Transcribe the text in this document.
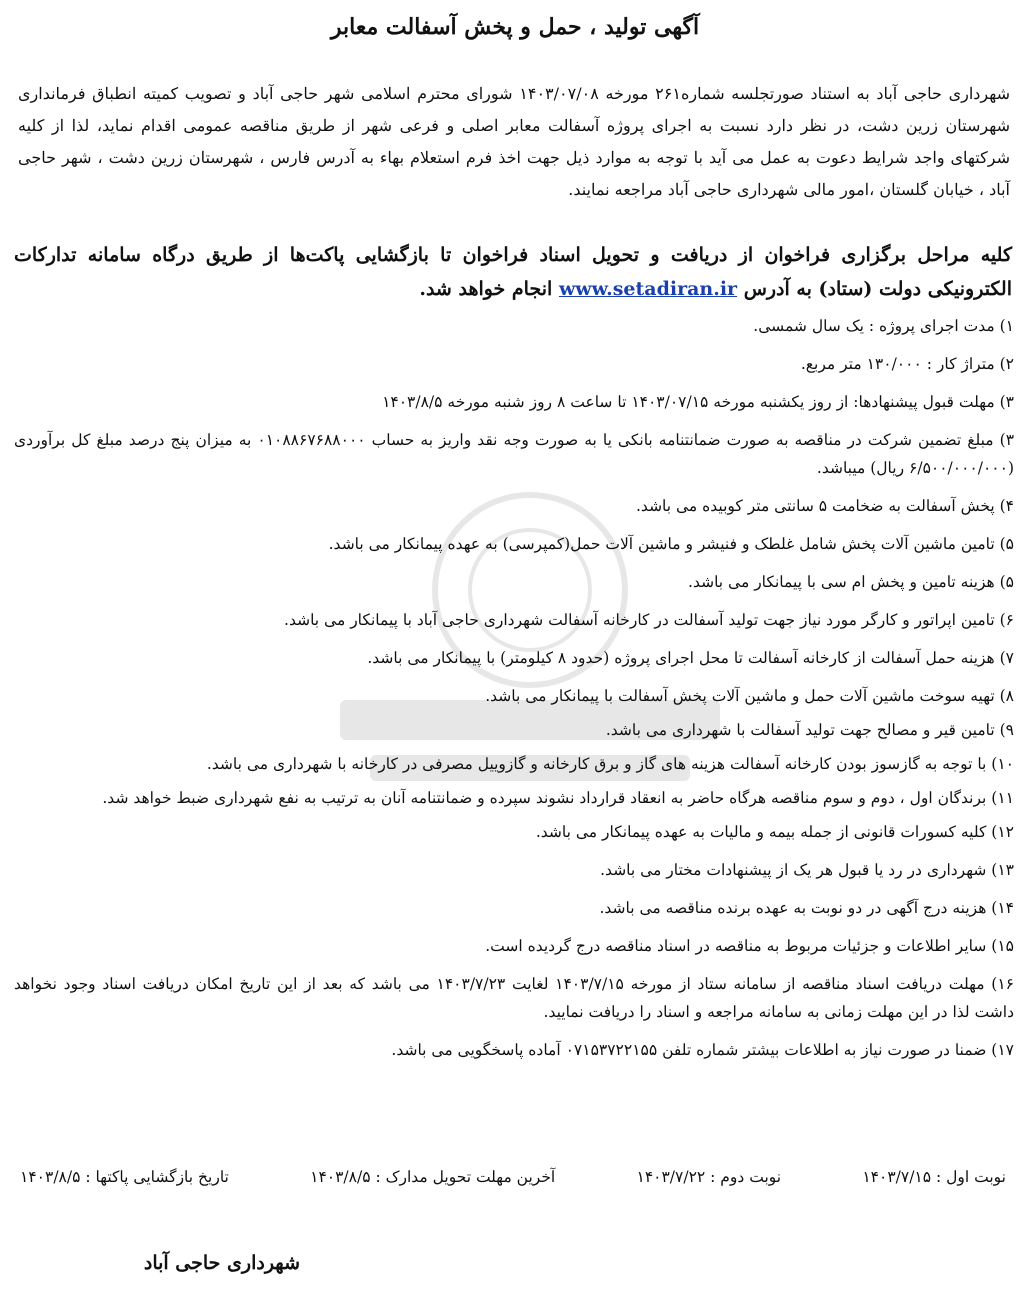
آگهی تولید ، حمل و پخش آسفالت معابر

شهرداری حاجی آباد به استناد صورتجلسه شماره۲۶۱ مورخه ۱۴۰۳/۰۷/۰۸ شورای محترم اسلامی شهر حاجی آباد و تصویب کمیته انطباق فرمانداری شهرستان زرین دشت، در نظر دارد نسبت به اجرای پروژه آسفالت معابر اصلی و فرعی شهر از طریق مناقصه عمومی اقدام نماید، لذا از کلیه شرکتهای واجد شرایط دعوت به عمل می آید با توجه به موارد ذیل جهت اخذ فرم استعلام بهاء به آدرس فارس ، شهرستان زرین دشت ، شهر حاجی آباد ، خیابان گلستان ،امور مالی شهرداری حاجی آباد مراجعه نمایند.

کلیه مراحل برگزاری فراخوان از دریافت و تحویل اسناد فراخوان تا بازگشایی پاکت‌ها از طریق درگاه سامانه تدارکات الکترونیکی دولت (ستاد) به آدرس www.setadiran.ir انجام خواهد شد.

۱) مدت اجرای پروژه : یک سال شمسی.
۲) متراژ کار : ۱۳۰/۰۰۰ متر مربع.
۳) مهلت قبول پیشنهادها: از روز یکشنبه مورخه ۱۴۰۳/۰۷/۱۵ تا ساعت ۸ روز شنبه مورخه ۱۴۰۳/۸/۵
۳) مبلغ تضمین شرکت در مناقصه به صورت ضمانتنامه بانکی یا به صورت وجه نقد واریز به حساب ۰۱۰۸۸۶۷۶۸۸۰۰۰ به میزان پنج درصد مبلغ کل برآوردی (۶/۵۰۰/۰۰۰/۰۰۰ ریال) میباشد.
۴) پخش آسفالت به ضخامت ۵ سانتی متر کوبیده می باشد.
۵) تامین ماشین آلات پخش شامل غلطک و فنیشر و ماشین آلات حمل(کمپرسی) به عهده پیمانکار می باشد.
۵) هزینه تامین و پخش ام سی با پیمانکار می باشد.
۶) تامین اپراتور و کارگر مورد نیاز جهت تولید آسفالت در کارخانه آسفالت شهرداری حاجی آباد با پیمانکار می باشد.
۷) هزینه حمل آسفالت از کارخانه آسفالت تا محل اجرای پروژه (حدود ۸ کیلومتر) با پیمانکار می باشد.
۸) تهیه سوخت ماشین آلات حمل و ماشین آلات پخش آسفالت با پیمانکار می باشد.
۹) تامین قیر و مصالح جهت تولید آسفالت با شهرداری می باشد.
۱۰) با توجه به گازسوز بودن کارخانه آسفالت هزینه های گاز و برق کارخانه و گازوییل مصرفی در کارخانه با شهرداری می باشد.
۱۱) برندگان اول ، دوم و سوم مناقصه هرگاه حاضر به انعقاد قرارداد نشوند سپرده و ضمانتنامه آنان به ترتیب به نفع شهرداری ضبط خواهد شد.
۱۲) کلیه کسورات قانونی از جمله بیمه و مالیات به عهده پیمانکار می باشد.
۱۳) شهرداری در رد یا قبول هر یک از پیشنهادات مختار می باشد.
۱۴) هزینه درج آگهی در دو نوبت به عهده برنده مناقصه می باشد.
۱۵) سایر اطلاعات و جزئیات مربوط به مناقصه در اسناد مناقصه درج گردیده است.
۱۶) مهلت دریافت اسناد مناقصه از سامانه ستاد از مورخه ۱۴۰۳/۷/۱۵ لغایت ۱۴۰۳/۷/۲۳ می باشد که بعد از این تاریخ امکان دریافت اسناد وجود نخواهد داشت لذا در این مهلت زمانی به سامانه مراجعه و اسناد را دریافت نمایید.
۱۷) ضمنا در صورت نیاز به اطلاعات بیشتر شماره تلفن ۰۷۱۵۳۷۲۲۱۵۵ آماده پاسخگویی می باشد.
نوبت اول : ۱۴۰۳/۷/۱۵
نوبت دوم : ۱۴۰۳/۷/۲۲
آخرین مهلت تحویل مدارک : ۱۴۰۳/۸/۵
تاریخ بازگشایی پاکتها : ۱۴۰۳/۸/۵
شهرداری حاجی آباد
